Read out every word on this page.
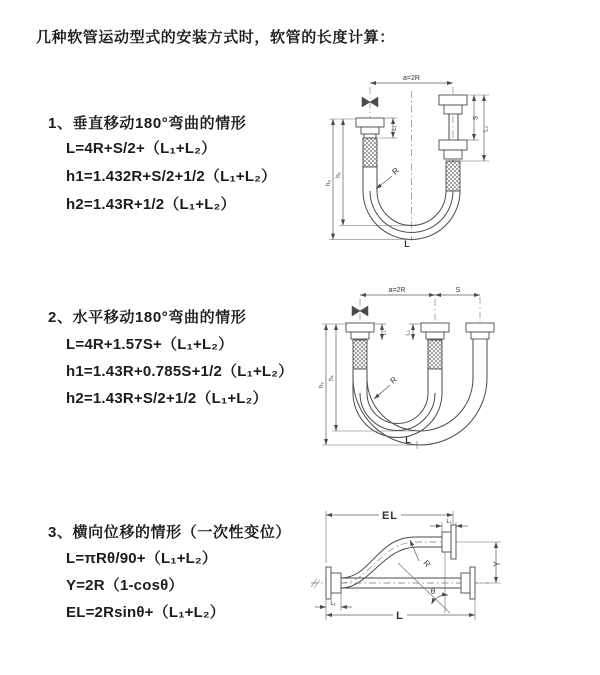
几种软管运动型式的安装方式时，软管的长度计算：
1、垂直移动180°弯曲的情形
L=4R+S/2+（L₁+L₂）
h1=1.432R+S/2+1/2（L₁+L₂）
h2=1.43R+1/2（L₁+L₂）
2、水平移动180°弯曲的情形
L=4R+1.57S+（L₁+L₂）
h1=1.43R+0.785S+1/2（L₁+L₂）
h2=1.43R+S/2+1/2（L₁+L₂）
3、横向位移的情形（一次性变位）
L=πRθ/90+（L₁+L₂）
Y=2R（1-cosθ）
EL=2Rsinθ+（L₁+L₂）
a=2R
h₂
h₁
L₁
S
L₂
R
L
a=2R	S
h₂
h₁
L₁	L₂
R
L
EL	L₁
Y
L
L₁
R
θ
